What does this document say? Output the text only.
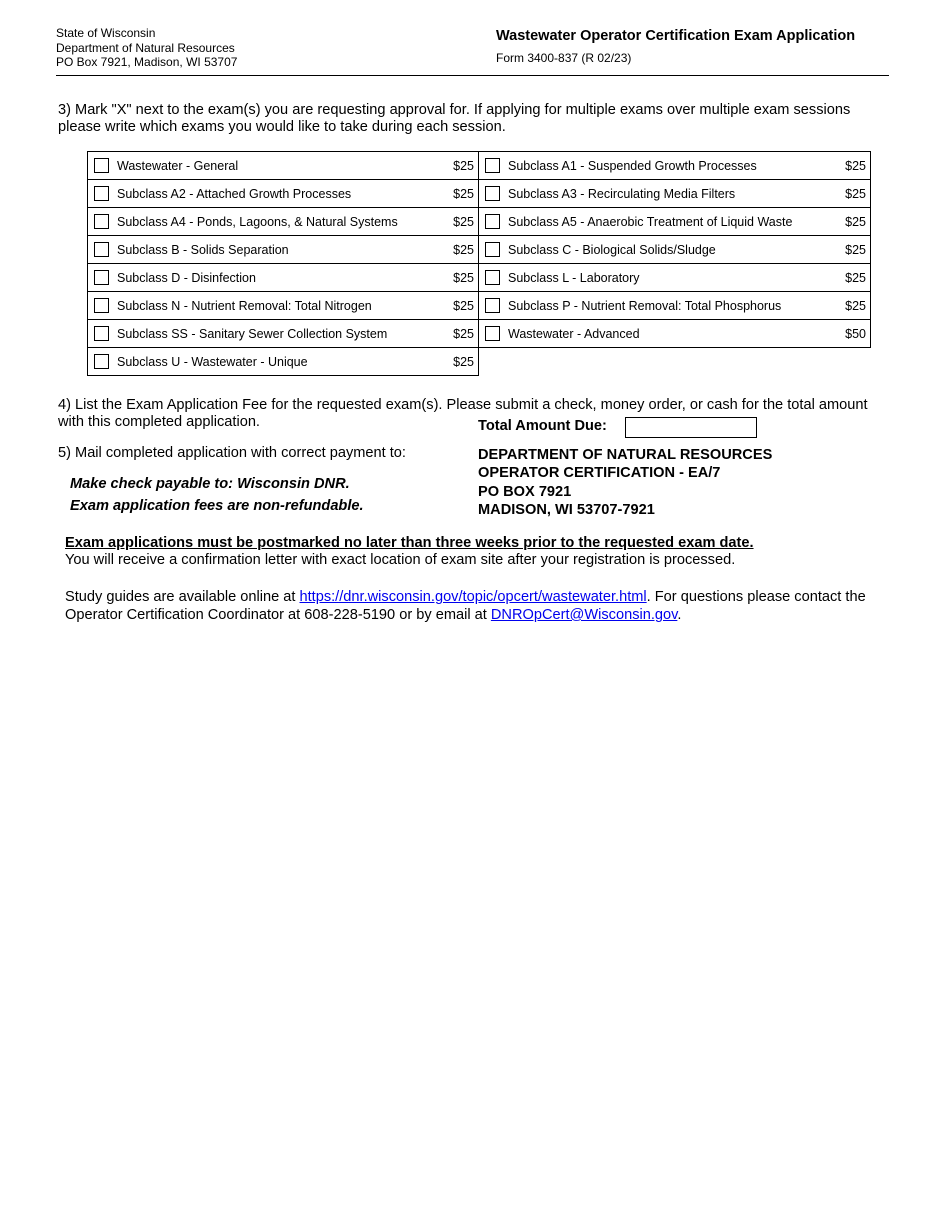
State of Wisconsin
Department of Natural Resources
PO Box 7921, Madison, WI 53707
Wastewater Operator Certification Exam Application
Form 3400-837 (R 02/23)
3) Mark "X" next to the exam(s) you are requesting approval for. If applying for multiple exams over multiple exam sessions please write which exams you would like to take during each session.
Wastewater - General $25	Subclass A1 - Suspended Growth Processes $25

Subclass A2 - Attached Growth Processes $25	Subclass A3 - Recirculating Media Filters $25

Subclass A4 - Ponds, Lagoons, & Natural Systems $25	Subclass A5 - Anaerobic Treatment of Liquid Waste $25

Subclass B - Solids Separation $25	Subclass C - Biological Solids/Sludge $25

Subclass D - Disinfection $25	Subclass L - Laboratory $25

Subclass N - Nutrient Removal: Total Nitrogen $25	Subclass P - Nutrient Removal: Total Phosphorus $25

Subclass SS - Sanitary Sewer Collection System $25	Wastewater - Advanced $50

Subclass U - Wastewater - Unique $25	

4) List the Exam Application Fee for the requested exam(s). Please submit a check, money order, or cash for the total amount with this completed application.	Total Amount Due:
5) Mail completed application with correct payment to:
Make check payable to: Wisconsin DNR.
Exam application fees are non-refundable.
DEPARTMENT OF NATURAL RESOURCES
OPERATOR CERTIFICATION - EA/7
PO BOX 7921
MADISON, WI 53707-7921
Exam applications must be postmarked no later than three weeks prior to the requested exam date.
You will receive a confirmation letter with exact location of exam site after your registration is processed.
Study guides are available online at https://dnr.wisconsin.gov/topic/opcert/wastewater.html. For questions please contact the Operator Certification Coordinator at 608-228-5190 or by email at DNROpCert@Wisconsin.gov.
